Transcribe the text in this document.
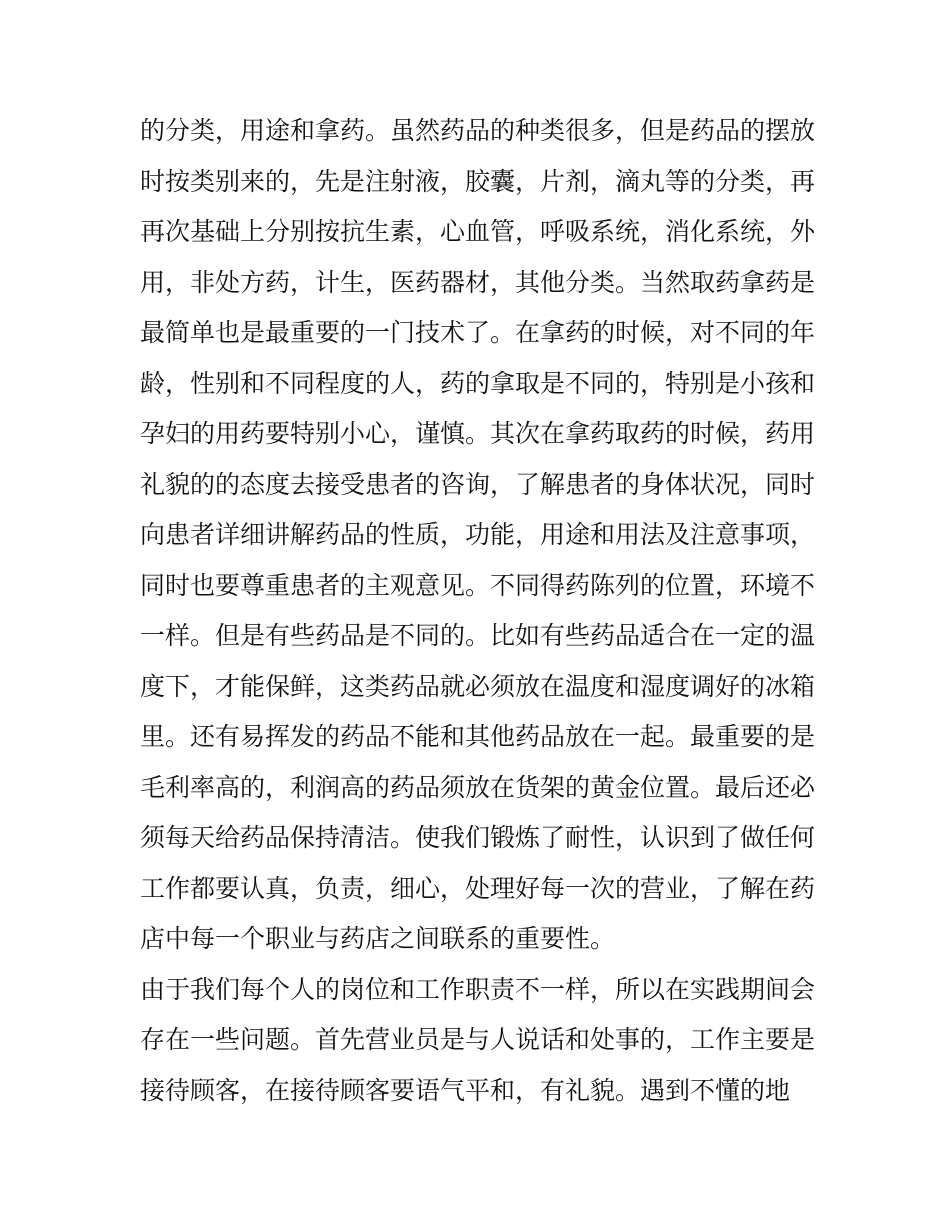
的分类，用途和拿药。虽然药品的种类很多，但是药品的摆放
时按类别来的，先是注射液，胶囊，片剂，滴丸等的分类，再
再次基础上分别按抗生素，心血管，呼吸系统，消化系统，外
用，非处方药，计生，医药器材，其他分类。当然取药拿药是
最简单也是最重要的一门技术了。在拿药的时候，对不同的年
龄，性别和不同程度的人，药的拿取是不同的，特别是小孩和
孕妇的用药要特别小心，谨慎。其次在拿药取药的时候，药用
礼貌的的态度去接受患者的咨询，了解患者的身体状况，同时
向患者详细讲解药品的性质，功能，用途和用法及注意事项，
同时也要尊重患者的主观意见。不同得药陈列的位置，环境不
一样。但是有些药品是不同的。比如有些药品适合在一定的温
度下，才能保鲜，这类药品就必须放在温度和湿度调好的冰箱
里。还有易挥发的药品不能和其他药品放在一起。最重要的是
毛利率高的，利润高的药品须放在货架的黄金位置。最后还必
须每天给药品保持清洁。使我们锻炼了耐性，认识到了做任何
工作都要认真，负责，细心，处理好每一次的营业，了解在药
店中每一个职业与药店之间联系的重要性。
由于我们每个人的岗位和工作职责不一样，所以在实践期间会
存在一些问题。首先营业员是与人说话和处事的，工作主要是
接待顾客，在接待顾客要语气平和，有礼貌。遇到不懂的地
